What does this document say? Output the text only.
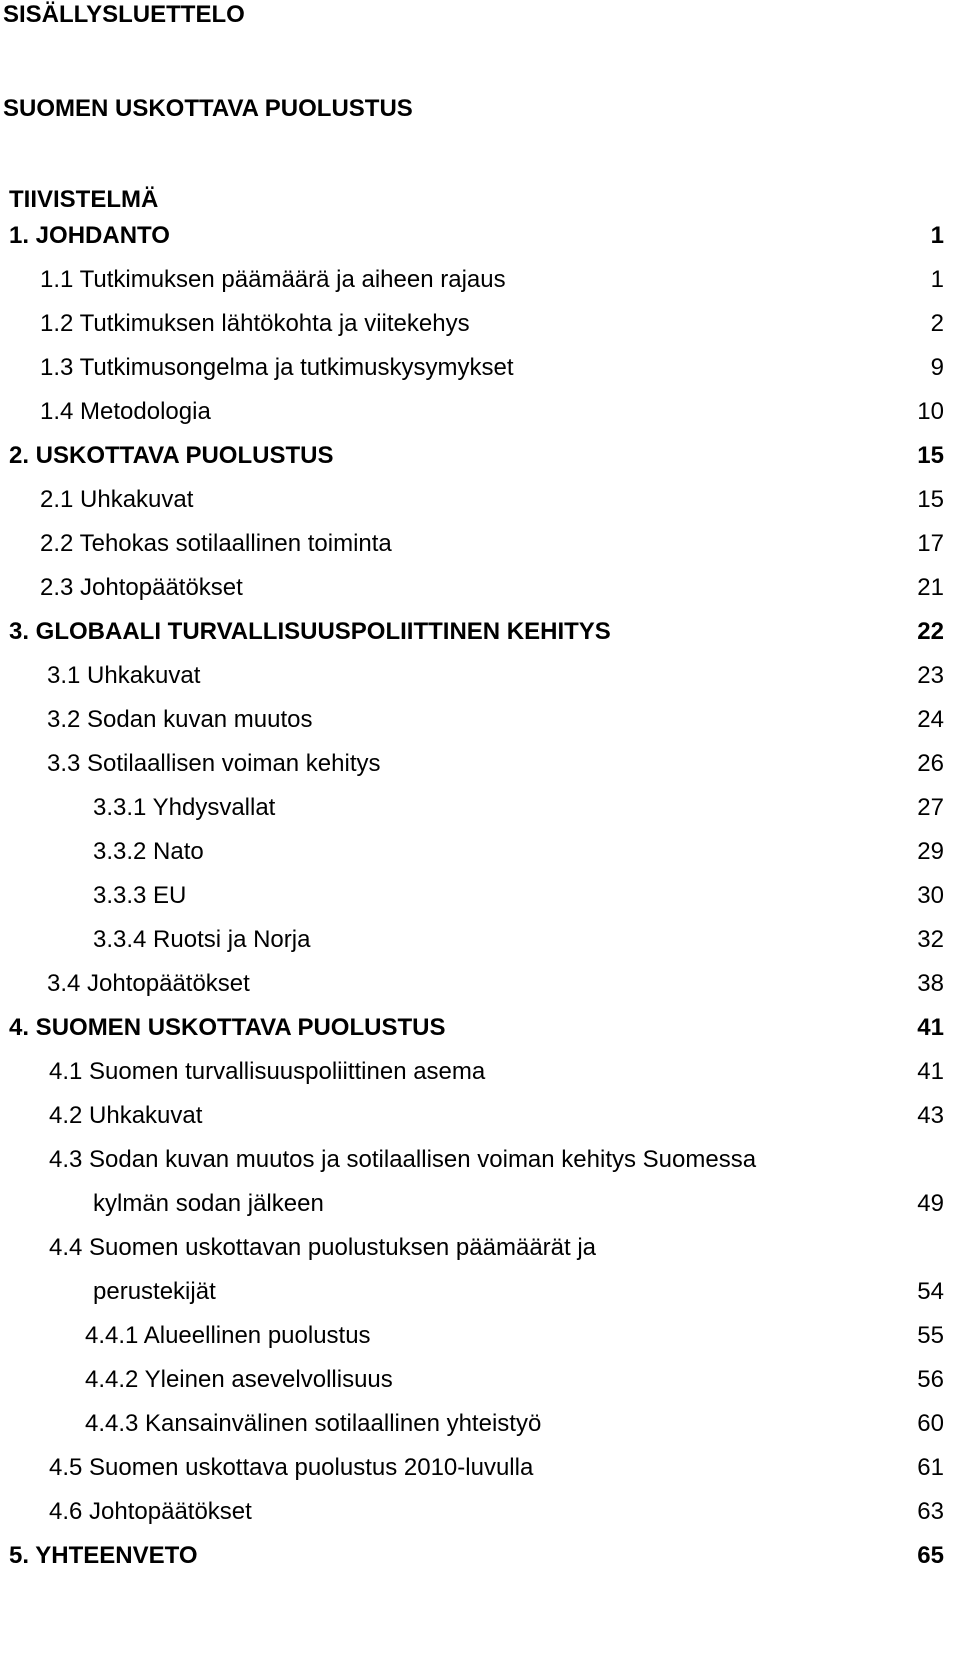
SISÄLLYSLUETTELO
SUOMEN USKOTTAVA PUOLUSTUS
TIIVISTELMÄ
1. JOHDANTO	1
1.1 Tutkimuksen päämäärä ja aiheen rajaus	1
1.2 Tutkimuksen lähtökohta ja viitekehys	2
1.3 Tutkimusongelma ja tutkimuskysymykset	9
1.4 Metodologia	10
2. USKOTTAVA PUOLUSTUS	15
2.1 Uhkakuvat	15
2.2 Tehokas sotilaallinen toiminta	17
2.3 Johtopäätökset	21
3. GLOBAALI TURVALLISUUSPOLIITTINEN KEHITYS	22
3.1 Uhkakuvat	23
3.2 Sodan kuvan muutos	24
3.3 Sotilaallisen voiman kehitys	26
3.3.1 Yhdysvallat	27
3.3.2 Nato	29
3.3.3 EU	30
3.3.4 Ruotsi ja Norja	32
3.4 Johtopäätökset	38
4. SUOMEN USKOTTAVA PUOLUSTUS	41
4.1 Suomen turvallisuuspoliittinen asema	41
4.2 Uhkakuvat	43
4.3 Sodan kuvan muutos ja sotilaallisen voiman kehitys Suomessa
kylmän sodan jälkeen	49
4.4 Suomen uskottavan puolustuksen päämäärät ja
perustekijät	54
4.4.1 Alueellinen puolustus	55
4.4.2 Yleinen asevelvollisuus	56
4.4.3 Kansainvälinen sotilaallinen yhteistyö	60
4.5 Suomen uskottava puolustus 2010-luvulla	61
4.6 Johtopäätökset	63
5. YHTEENVETO	65
